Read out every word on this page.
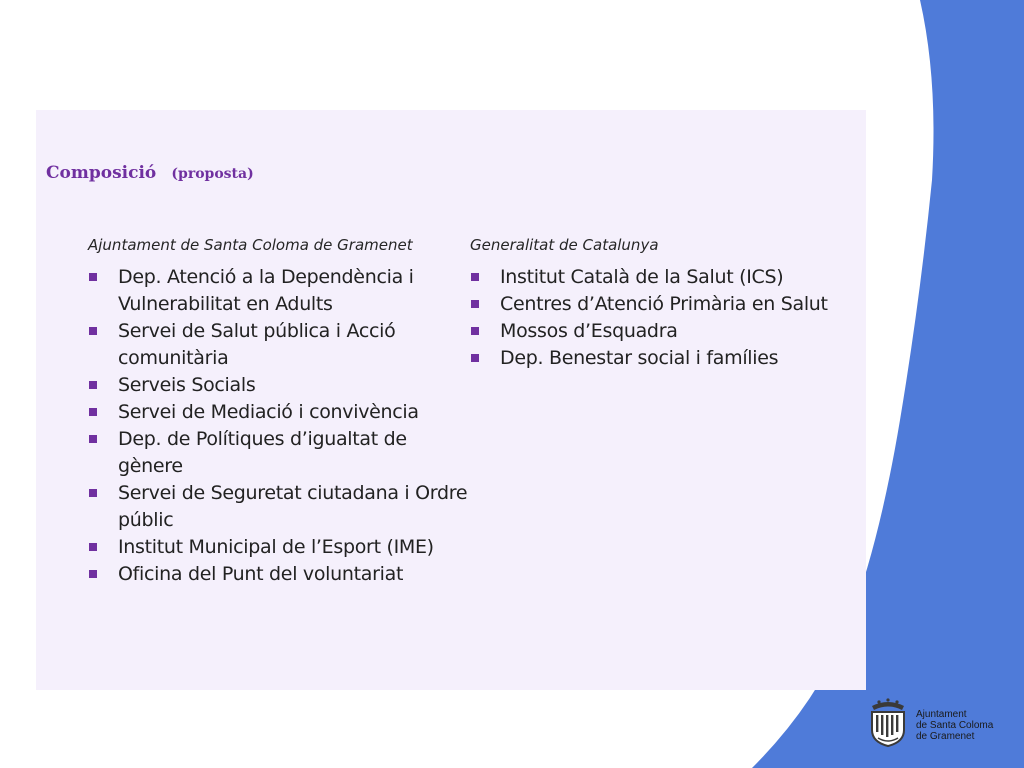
Composició (proposta)

Ajuntament de Santa Coloma de Gramenet

Dep. Atenció a la Dependència i Vulnerabilitat en Adults
Servei de Salut pública i Acció comunitària
Serveis Socials
Servei de Mediació i convivència
Dep. de Polítiques d’igualtat de gènere
Servei de Seguretat ciutadana i Ordre públic
Institut Municipal de l’Esport (IME)
Oficina del Punt del voluntariat

Generalitat de Catalunya

Institut Català de la Salut (ICS)
Centres d’Atenció Primària en Salut
Mossos d’Esquadra
Dep. Benestar social i famílies
Ajuntament
de Santa Coloma
de Gramenet
